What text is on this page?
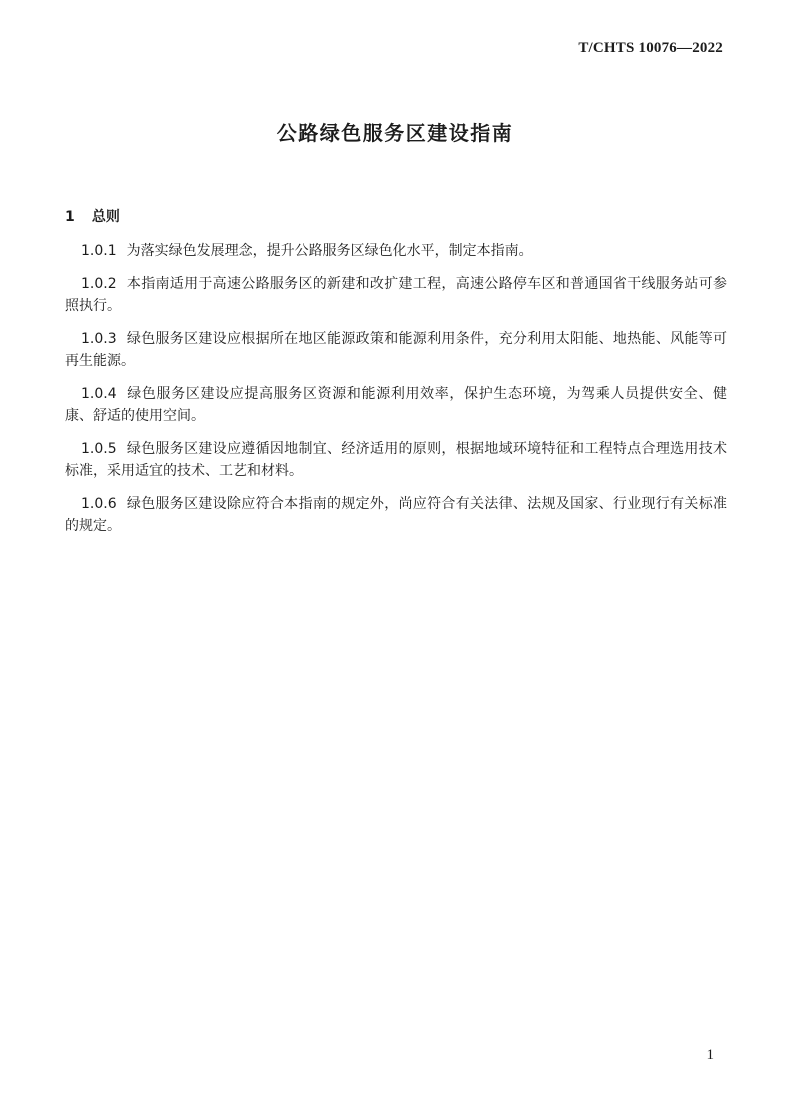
T/CHTS 10076—2022
公路绿色服务区建设指南
1 总则

1.0.1 为落实绿色发展理念，提升公路服务区绿色化水平，制定本指南。

1.0.2 本指南适用于高速公路服务区的新建和改扩建工程，高速公路停车区和普通国省干线服务站可参照执行。

1.0.3 绿色服务区建设应根据所在地区能源政策和能源利用条件，充分利用太阳能、地热能、风能等可再生能源。

1.0.4 绿色服务区建设应提高服务区资源和能源利用效率，保护生态环境，为驾乘人员提供安全、健康、舒适的使用空间。

1.0.5 绿色服务区建设应遵循因地制宜、经济适用的原则，根据地域环境特征和工程特点合理选用技术标准，采用适宜的技术、工艺和材料。

1.0.6 绿色服务区建设除应符合本指南的规定外，尚应符合有关法律、法规及国家、行业现行有关标准的规定。

1
